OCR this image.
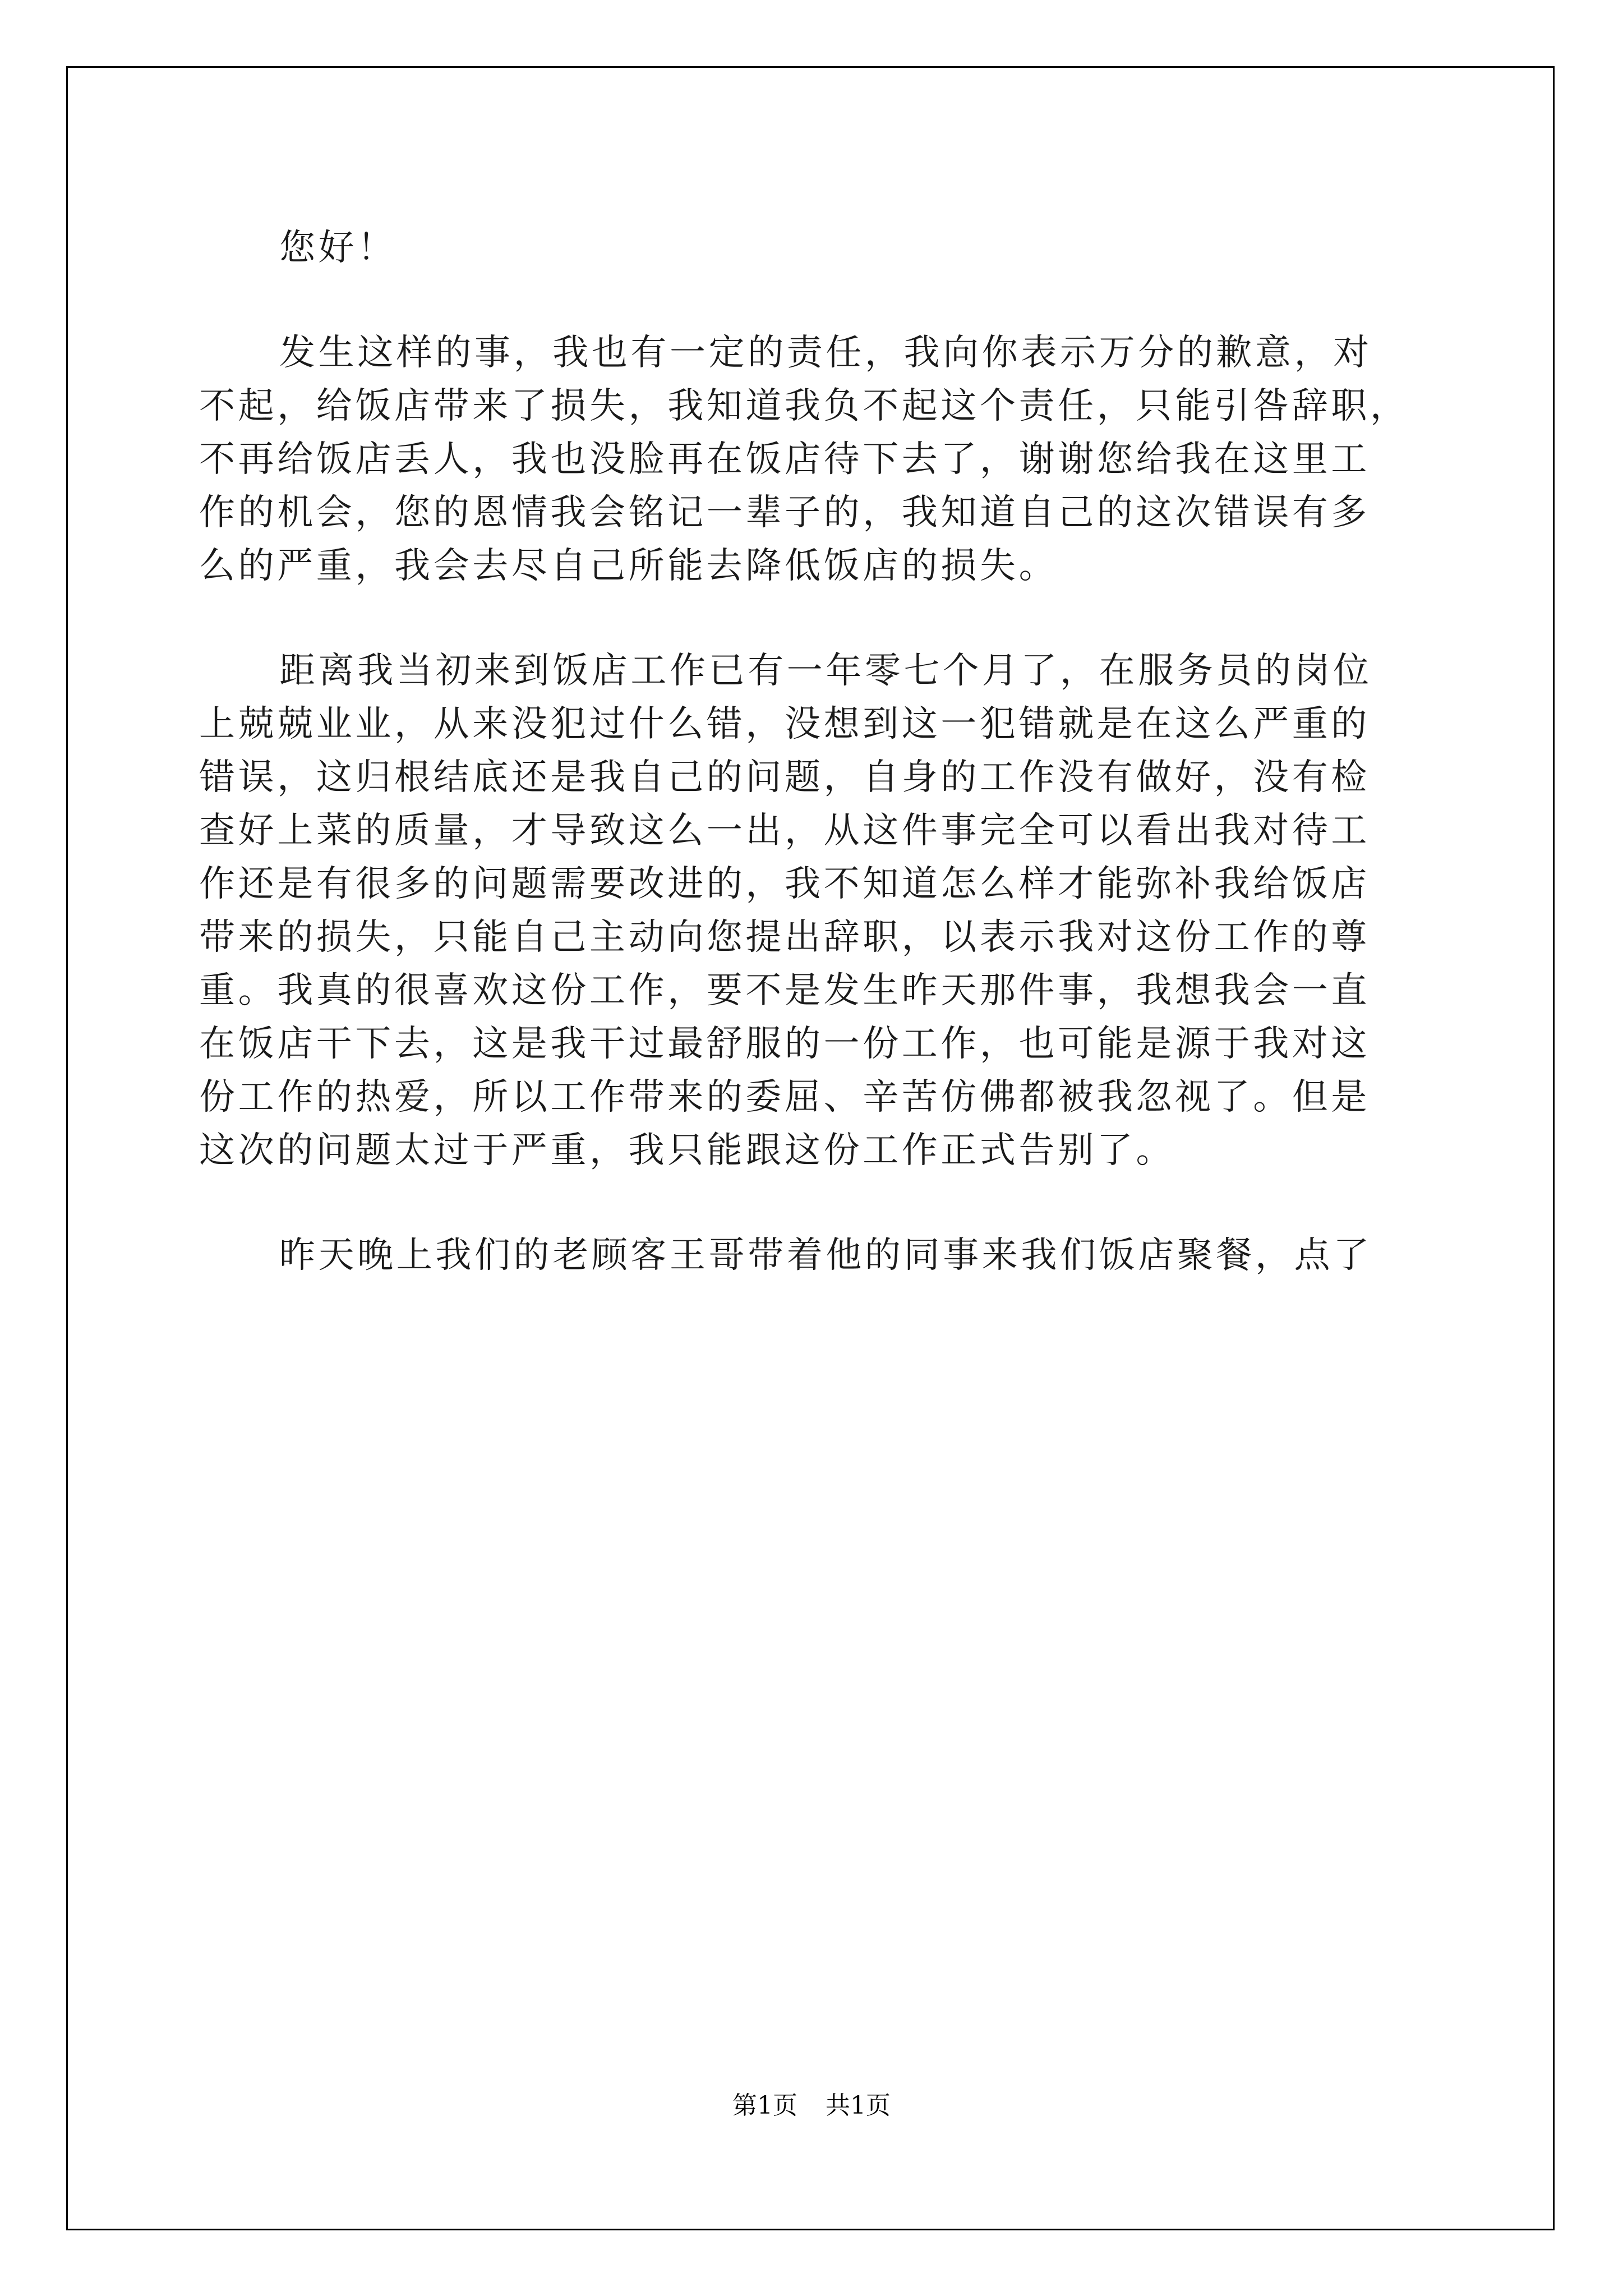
您好！
发生这样的事，我也有一定的责任，我向你表示万分的歉意，对
不起，给饭店带来了损失，我知道我负不起这个责任，只能引咎辞职，
不再给饭店丢人，我也没脸再在饭店待下去了，谢谢您给我在这里工
作的机会，您的恩情我会铭记一辈子的，我知道自己的这次错误有多
么的严重，我会去尽自己所能去降低饭店的损失。
距离我当初来到饭店工作已有一年零七个月了，在服务员的岗位
上兢兢业业，从来没犯过什么错，没想到这一犯错就是在这么严重的
错误，这归根结底还是我自己的问题，自身的工作没有做好，没有检
查好上菜的质量，才导致这么一出，从这件事完全可以看出我对待工
作还是有很多的问题需要改进的，我不知道怎么样才能弥补我给饭店
带来的损失，只能自己主动向您提出辞职，以表示我对这份工作的尊
重。我真的很喜欢这份工作，要不是发生昨天那件事，我想我会一直
在饭店干下去，这是我干过最舒服的一份工作，也可能是源于我对这
份工作的热爱，所以工作带来的委屈、辛苦仿佛都被我忽视了。但是
这次的问题太过于严重，我只能跟这份工作正式告别了。
昨天晚上我们的老顾客王哥带着他的同事来我们饭店聚餐，点了
第1页 共1页
